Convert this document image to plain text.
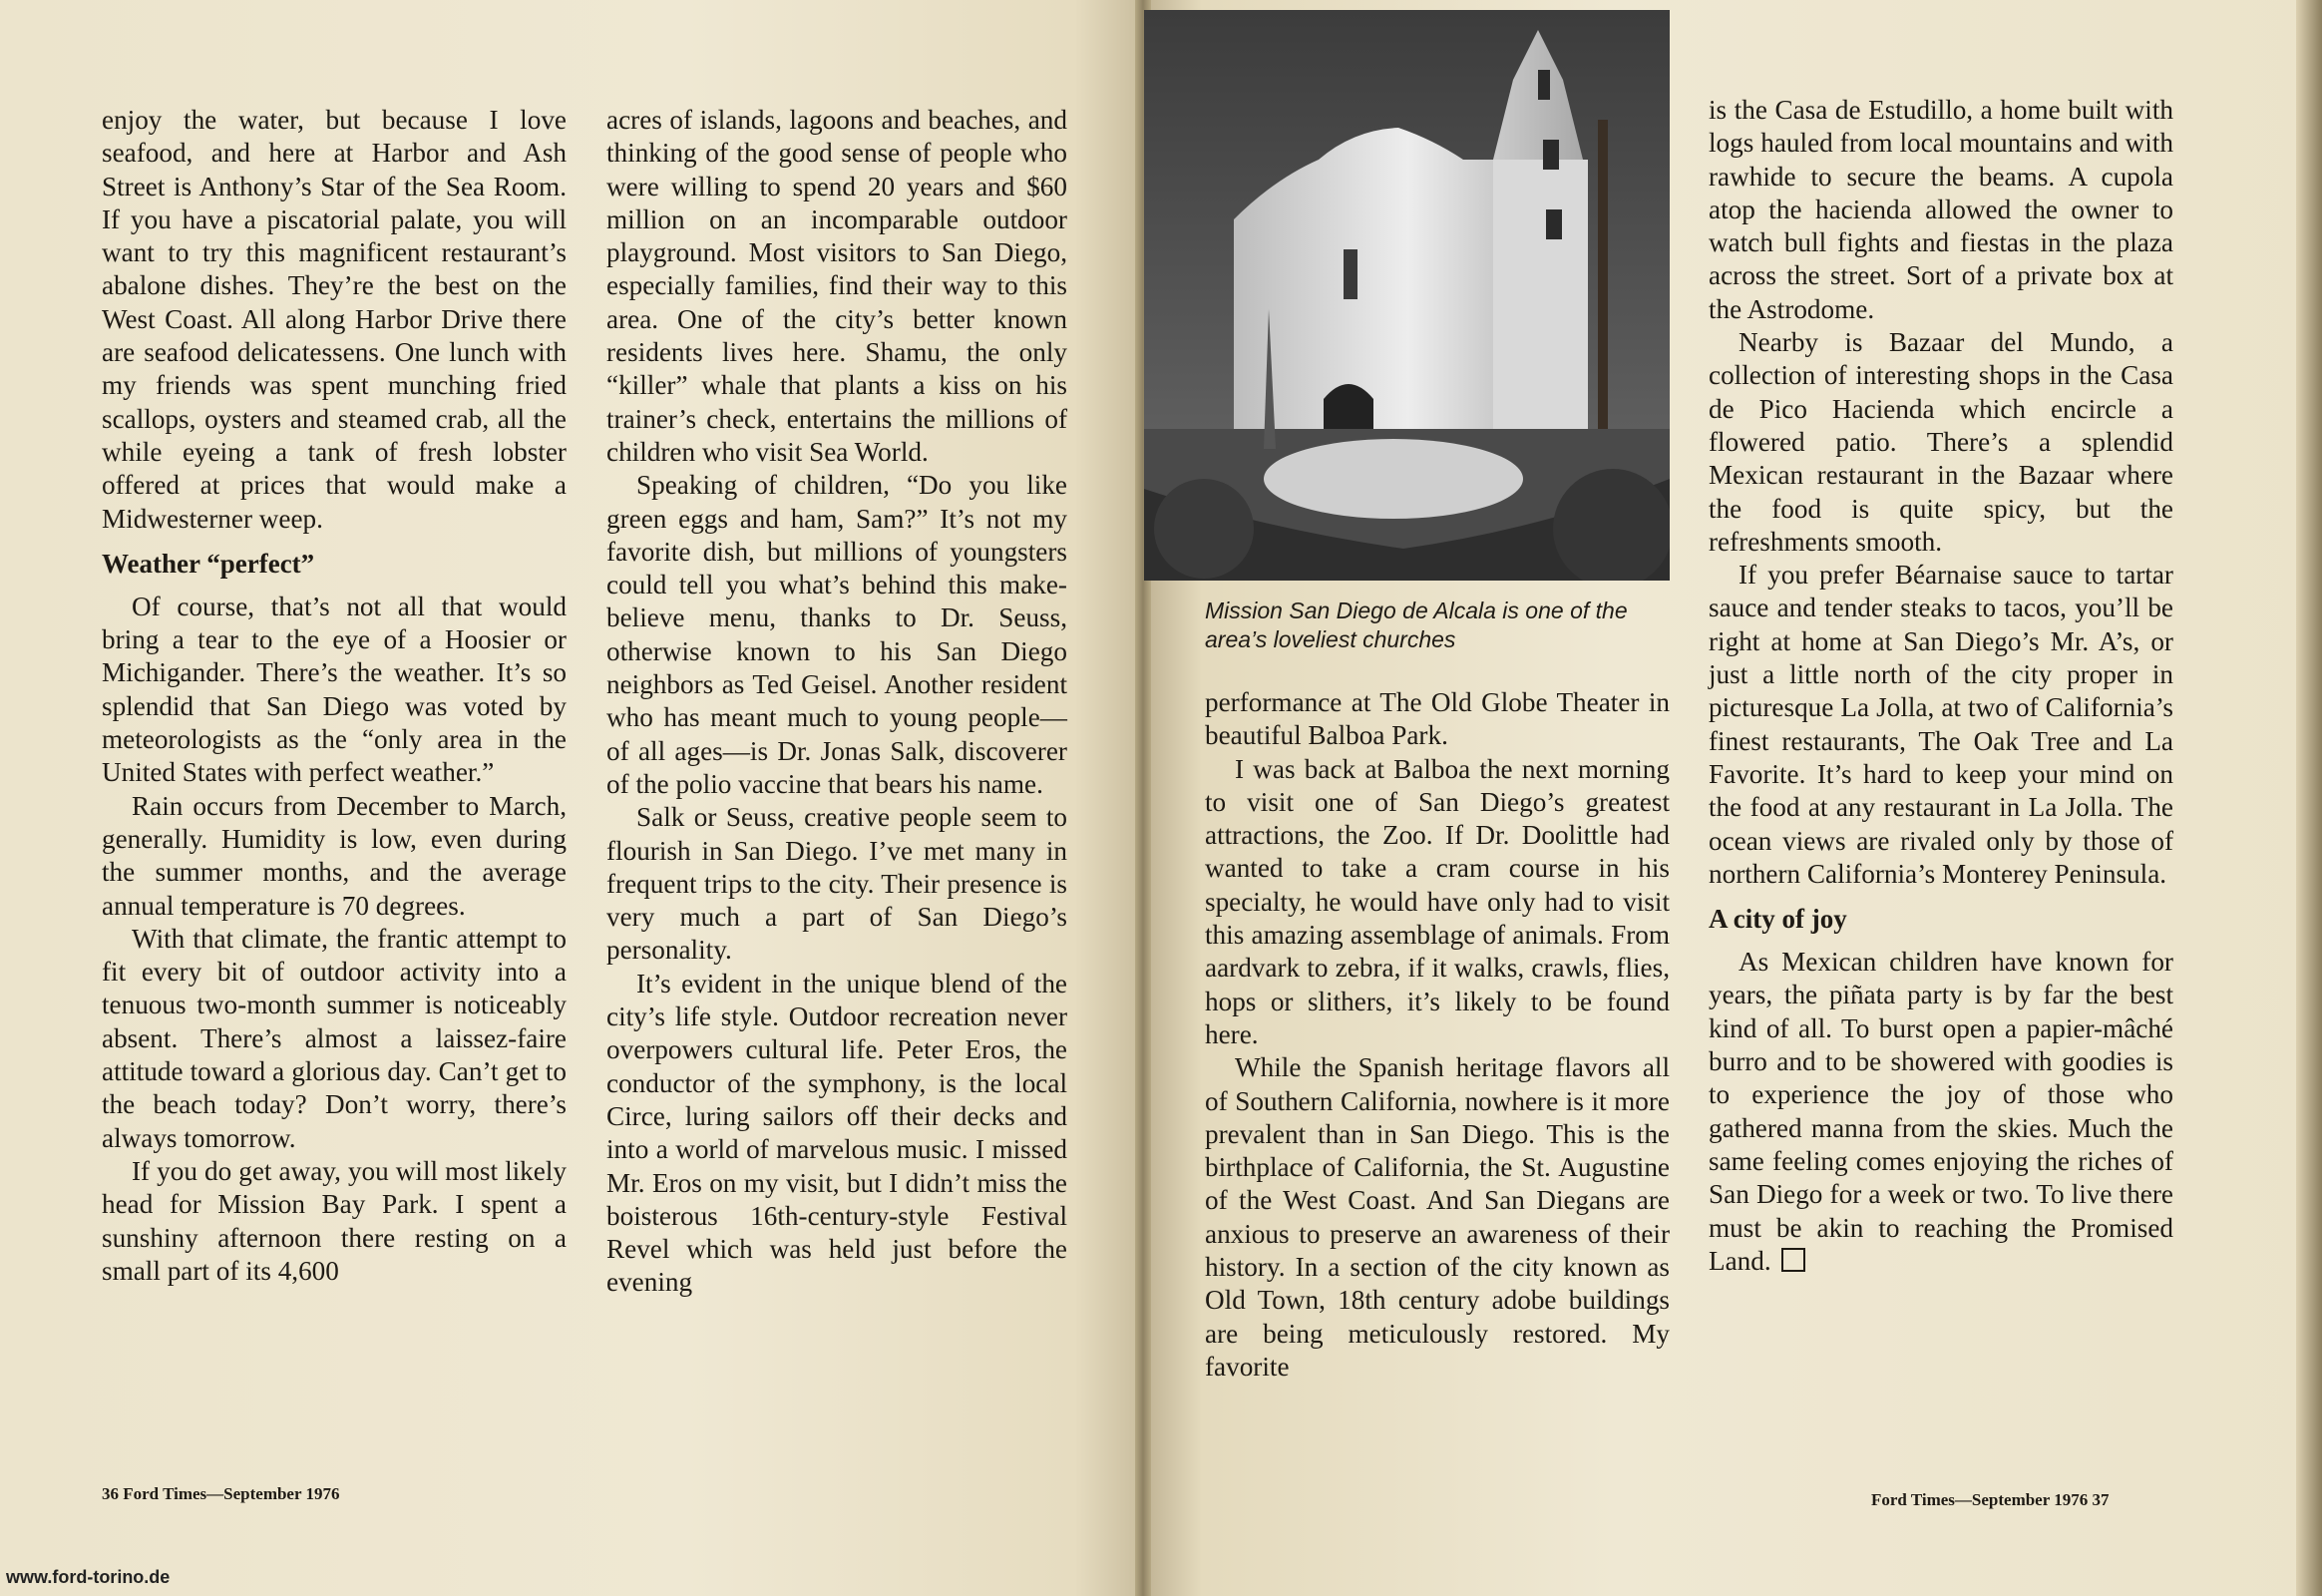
enjoy the water, but because I love seafood, and here at Harbor and Ash Street is Anthony’s Star of the Sea Room. If you have a piscatorial palate, you will want to try this magnificent restaurant’s abalone dishes. They’re the best on the West Coast. All along Harbor Drive there are seafood delicatessens. One lunch with my friends was spent munching fried scallops, oysters and steamed crab, all the while eyeing a tank of fresh lobster offered at prices that would make a Midwesterner weep.

Weather “perfect”

Of course, that’s not all that would bring a tear to the eye of a Hoosier or Michigander. There’s the weather. It’s so splendid that San Diego was voted by meteorologists as the “only area in the United States with perfect weather.”

Rain occurs from December to March, generally. Humidity is low, even during the summer months, and the average annual temperature is 70 degrees.

With that climate, the frantic attempt to fit every bit of outdoor activity into a tenuous two-month summer is noticeably absent. There’s almost a laissez-faire attitude toward a glorious day. Can’t get to the beach today? Don’t worry, there’s always tomorrow.

If you do get away, you will most likely head for Mission Bay Park. I spent a sunshiny afternoon there resting on a small part of its 4,600

acres of islands, lagoons and beaches, and thinking of the good sense of people who were willing to spend 20 years and $60 million on an incomparable outdoor playground. Most visitors to San Diego, especially families, find their way to this area. One of the city’s better known residents lives here. Shamu, the only “killer” whale that plants a kiss on his trainer’s check, entertains the millions of children who visit Sea World.

Speaking of children, “Do you like green eggs and ham, Sam?” It’s not my favorite dish, but millions of youngsters could tell you what’s behind this make-believe menu, thanks to Dr. Seuss, otherwise known to his San Diego neighbors as Ted Geisel. Another resident who has meant much to young people—of all ages—is Dr. Jonas Salk, discoverer of the polio vaccine that bears his name.

Salk or Seuss, creative people seem to flourish in San Diego. I’ve met many in frequent trips to the city. Their presence is very much a part of San Diego’s personality.

It’s evident in the unique blend of the city’s life style. Outdoor recreation never overpowers cultural life. Peter Eros, the conductor of the symphony, is the local Circe, luring sailors off their decks and into a world of marvelous music. I missed Mr. Eros on my visit, but I didn’t miss the boisterous 16th-century-style Festival Revel which was held just before the evening

Mission San Diego de Alcala is one of the area’s loveliest churches

performance at The Old Globe Theater in beautiful Balboa Park.

I was back at Balboa the next morning to visit one of San Diego’s greatest attractions, the Zoo. If Dr. Doolittle had wanted to take a cram course in his specialty, he would have only had to visit this amazing assemblage of animals. From aardvark to zebra, if it walks, crawls, flies, hops or slithers, it’s likely to be found here.

While the Spanish heritage flavors all of Southern California, nowhere is it more prevalent than in San Diego. This is the birthplace of California, the St. Augustine of the West Coast. And San Diegans are anxious to preserve an awareness of their history. In a section of the city known as Old Town, 18th century adobe buildings are being meticulously restored. My favorite

is the Casa de Estudillo, a home built with logs hauled from local mountains and with rawhide to secure the beams. A cupola atop the hacienda allowed the owner to watch bull fights and fiestas in the plaza across the street. Sort of a private box at the Astrodome.

Nearby is Bazaar del Mundo, a collection of interesting shops in the Casa de Pico Hacienda which encircle a flowered patio. There’s a splendid Mexican restaurant in the Bazaar where the food is quite spicy, but the refreshments smooth.

If you prefer Béarnaise sauce to tartar sauce and tender steaks to tacos, you’ll be right at home at San Diego’s Mr. A’s, or just a little north of the city proper in picturesque La Jolla, at two of California’s finest restaurants, The Oak Tree and La Favorite. It’s hard to keep your mind on the food at any restaurant in La Jolla. The ocean views are rivaled only by those of northern California’s Monterey Peninsula.

A city of joy

As Mexican children have known for years, the piñata party is by far the best kind of all. To burst open a papier-mâché burro and to be showered with goodies is to experience the joy of those who gathered manna from the skies. Much the same feeling comes enjoying the riches of San Diego for a week or two. To live there must be akin to reaching the Promised Land.

36 Ford Times—September 1976	Ford Times—September 1976 37
www.ford-torino.de
